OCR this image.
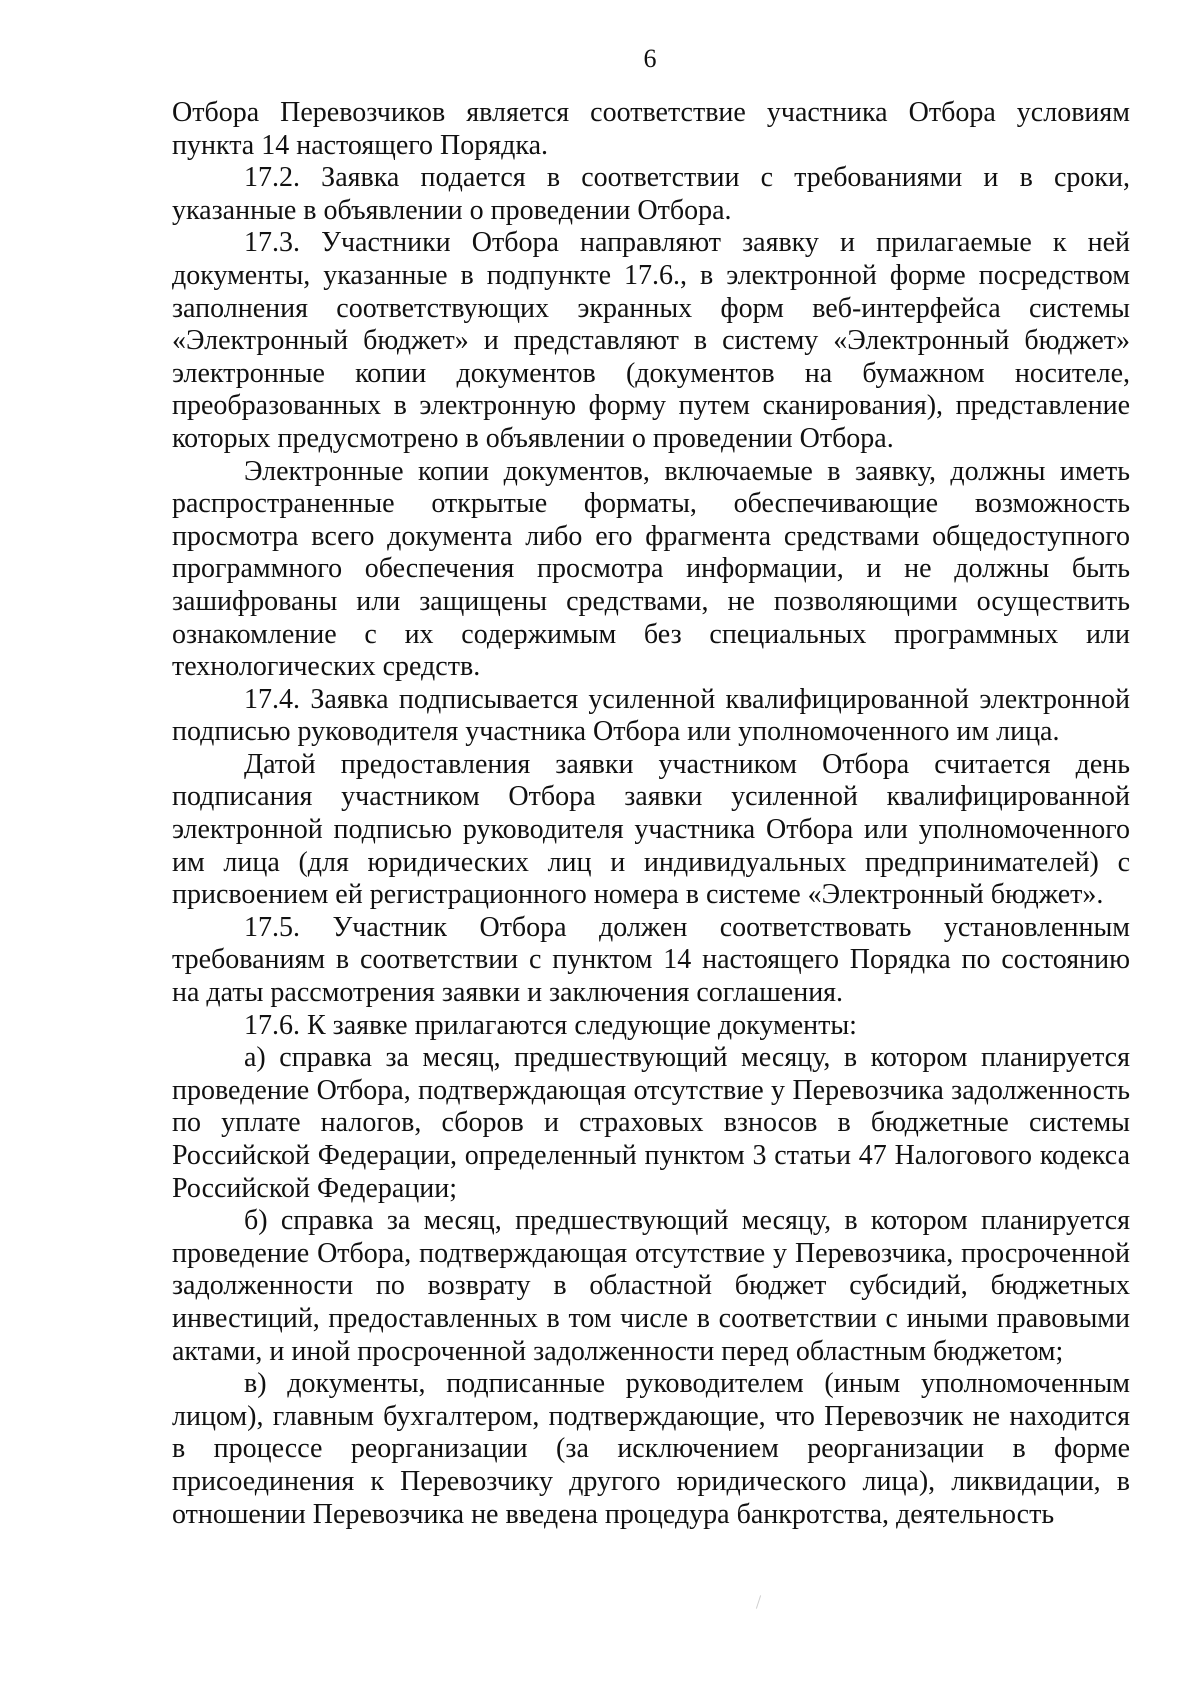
6

Отбора Перевозчиков является соответствие участника Отбора условиям пункта 14 настоящего Порядка.

17.2. Заявка подается в соответствии с требованиями и в сроки, указанные в объявлении о проведении Отбора.

17.3. Участники Отбора направляют заявку и прилагаемые к ней документы, указанные в подпункте 17.6., в электронной форме посредством заполнения соответствующих экранных форм веб-интерфейса системы «Электронный бюджет» и представляют в систему «Электронный бюджет» электронные копии документов (документов на бумажном носителе, преобразованных в электронную форму путем сканирования), представление которых предусмотрено в объявлении о проведении Отбора.

Электронные копии документов, включаемые в заявку, должны иметь распространенные открытые форматы, обеспечивающие возможность просмотра всего документа либо его фрагмента средствами общедоступного программного обеспечения просмотра информации, и не должны быть зашифрованы или защищены средствами, не позволяющими осуществить ознакомление с их содержимым без специальных программных или технологических средств.

17.4. Заявка подписывается усиленной квалифицированной электронной подписью руководителя участника Отбора или уполномоченного им лица.

Датой предоставления заявки участником Отбора считается день подписания участником Отбора заявки усиленной квалифицированной электронной подписью руководителя участника Отбора или уполномоченного им лица (для юридических лиц и индивидуальных предпринимателей) с присвоением ей регистрационного номера в системе «Электронный бюджет».

17.5. Участник Отбора должен соответствовать установленным требованиям в соответствии с пунктом 14 настоящего Порядка по состоянию на даты рассмотрения заявки и заключения соглашения.

17.6. К заявке прилагаются следующие документы:

а) справка за месяц, предшествующий месяцу, в котором планируется проведение Отбора, подтверждающая отсутствие у Перевозчика задолженность по уплате налогов, сборов и страховых взносов в бюджетные системы Российской Федерации, определенный пунктом 3 статьи 47 Налогового кодекса Российской Федерации;

б) справка за месяц, предшествующий месяцу, в котором планируется проведение Отбора, подтверждающая отсутствие у Перевозчика, просроченной задолженности по возврату в областной бюджет субсидий, бюджетных инвестиций, предоставленных в том числе в соответствии с иными правовыми актами, и иной просроченной задолженности перед областным бюджетом;

в) документы, подписанные руководителем (иным уполномоченным лицом), главным бухгалтером, подтверждающие, что Перевозчик не находится в процессе реорганизации (за исключением реорганизации в форме присоединения к Перевозчику другого юридического лица), ликвидации, в отношении Перевозчика не введена процедура банкротства, деятельность
